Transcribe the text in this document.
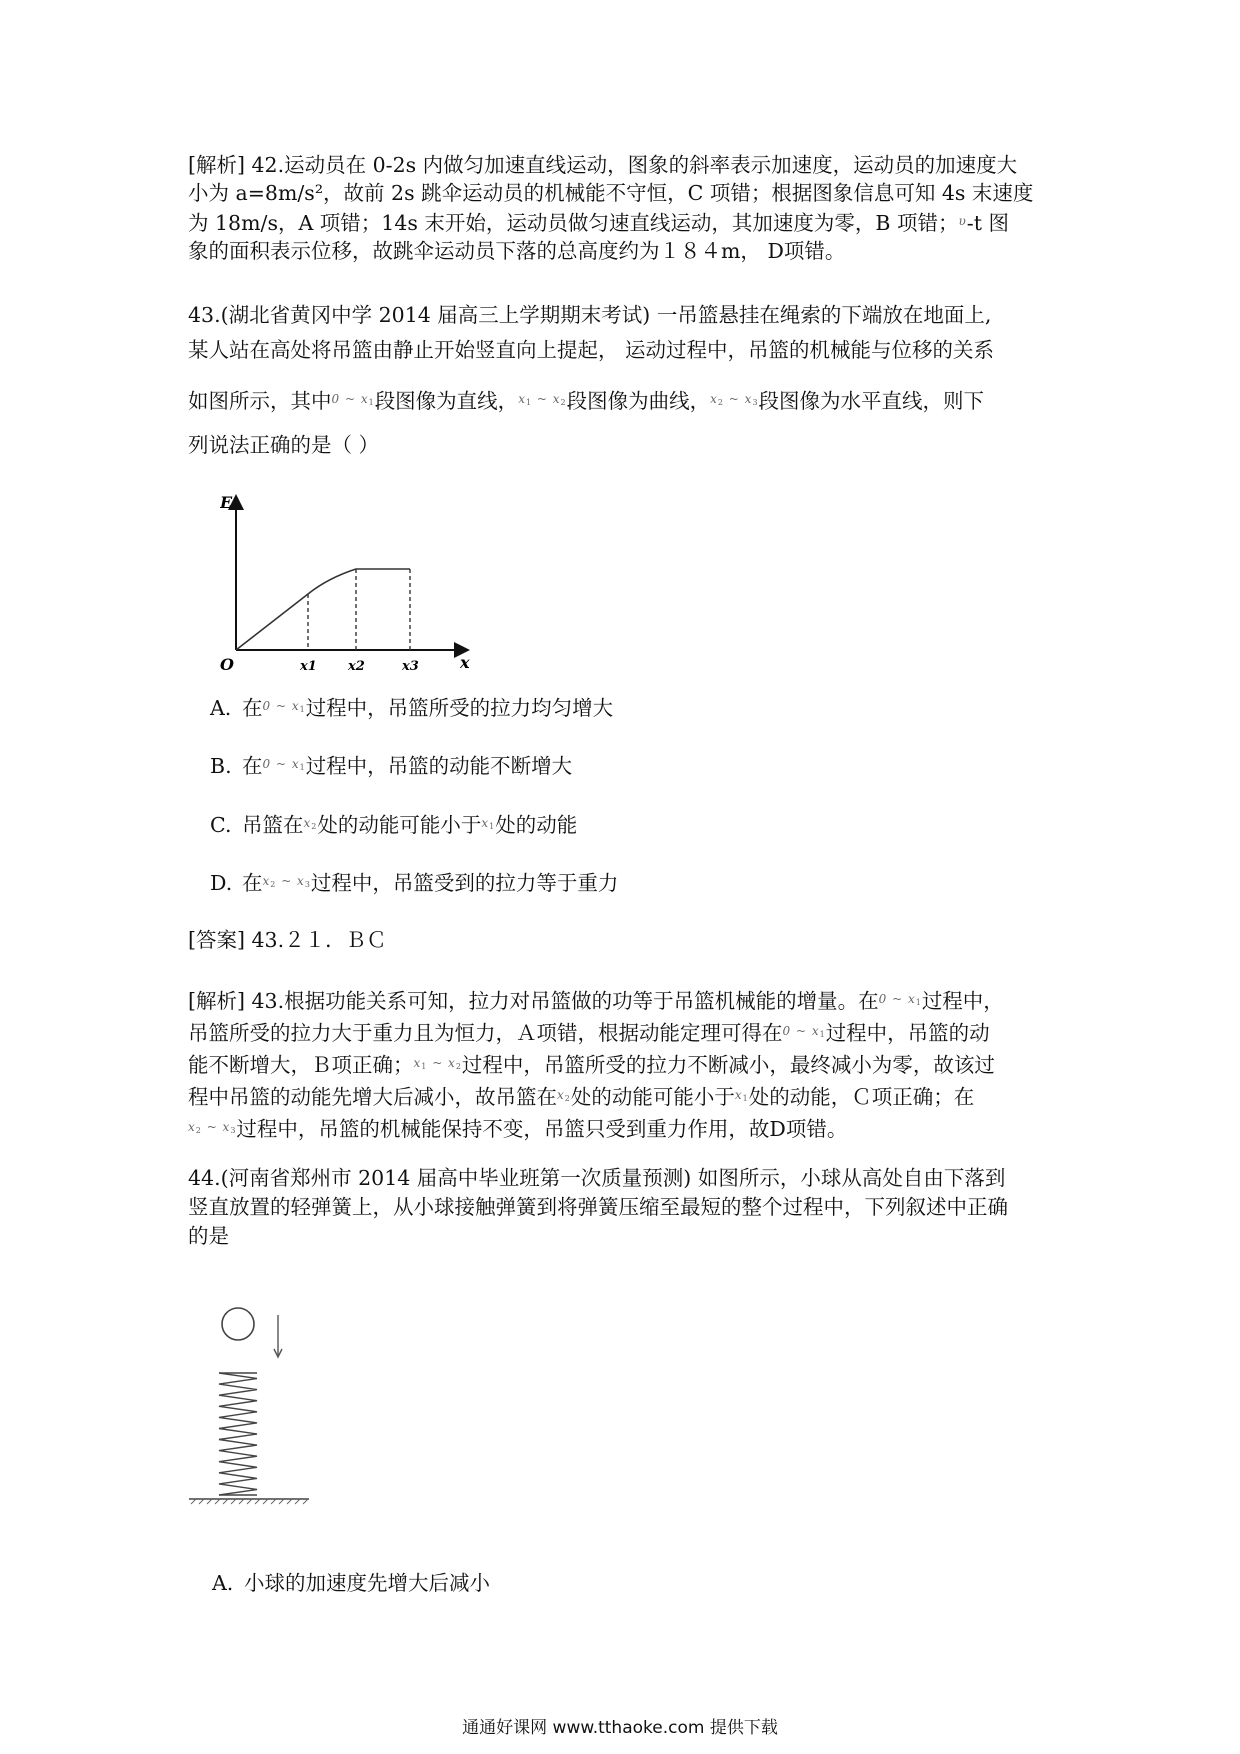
[解析] 42.运动员在 0-2s 内做匀加速直线运动，图象的斜率表示加速度，运动员的加速度大

小为 a=8m/s²，故前 2s 跳伞运动员的机械能不守恒，C 项错；根据图象信息可知 4s 末速度

为 18m/s，A 项错；14s 末开始，运动员做匀速直线运动，其加速度为零，B 项错；$^\upsilon$-t 图

象的面积表示位移，故跳伞运动员下落的总高度约为１８４m， D项错。

43.(湖北省黄冈中学 2014 届高三上学期期末考试) 一吊篮悬挂在绳索的下端放在地面上,

某人站在高处将吊篮由静止开始竖直向上提起， 运动过程中，吊篮的机械能与位移的关系

如图所示，其中$^{0 \sim x_1}$段图像为直线，$^{x_1 \sim x_2}$段图像为曲线，$^{x_2 \sim x_3}$段图像为水平直线，则下

列说法正确的是（ ）

E
x
O	x1 x2	x3
A. 在$^{0 \sim x_1}$过程中，吊篮所受的拉力均匀增大
B. 在$^{0 \sim x_1}$过程中，吊篮的动能不断增大
C. 吊篮在$^{x_2}$处的动能可能小于$^{x_1}$处的动能
D. 在$^{x_2 \sim x_3}$过程中，吊篮受到的拉力等于重力

[答案] 43.２１．ＢＣ

[解析] 43.根据功能关系可知，拉力对吊篮做的功等于吊篮机械能的增量。在$^{0 \sim x_1}$过程中，

吊篮所受的拉力大于重力且为恒力，Ａ项错，根据动能定理可得在$^{0 \sim x_1}$过程中，吊篮的动

能不断增大，Ｂ项正确；$^{x_1 \sim x_2}$过程中，吊篮所受的拉力不断减小，最终减小为零，故该过

程中吊篮的动能先增大后减小，故吊篮在$^{x_2}$处的动能可能小于$^{x_1}$处的动能，Ｃ项正确；在

$^{x_2 \sim x_3}$过程中，吊篮的机械能保持不变，吊篮只受到重力作用，故D项错。

44.(河南省郑州市 2014 届高中毕业班第一次质量预测) 如图所示，小球从高处自由下落到

竖直放置的轻弹簧上，从小球接触弹簧到将弹簧压缩至最短的整个过程中，下列叙述中正确

的是

A. 小球的加速度先增大后减小
通通好课网 www.tthaoke.com 提供下载
